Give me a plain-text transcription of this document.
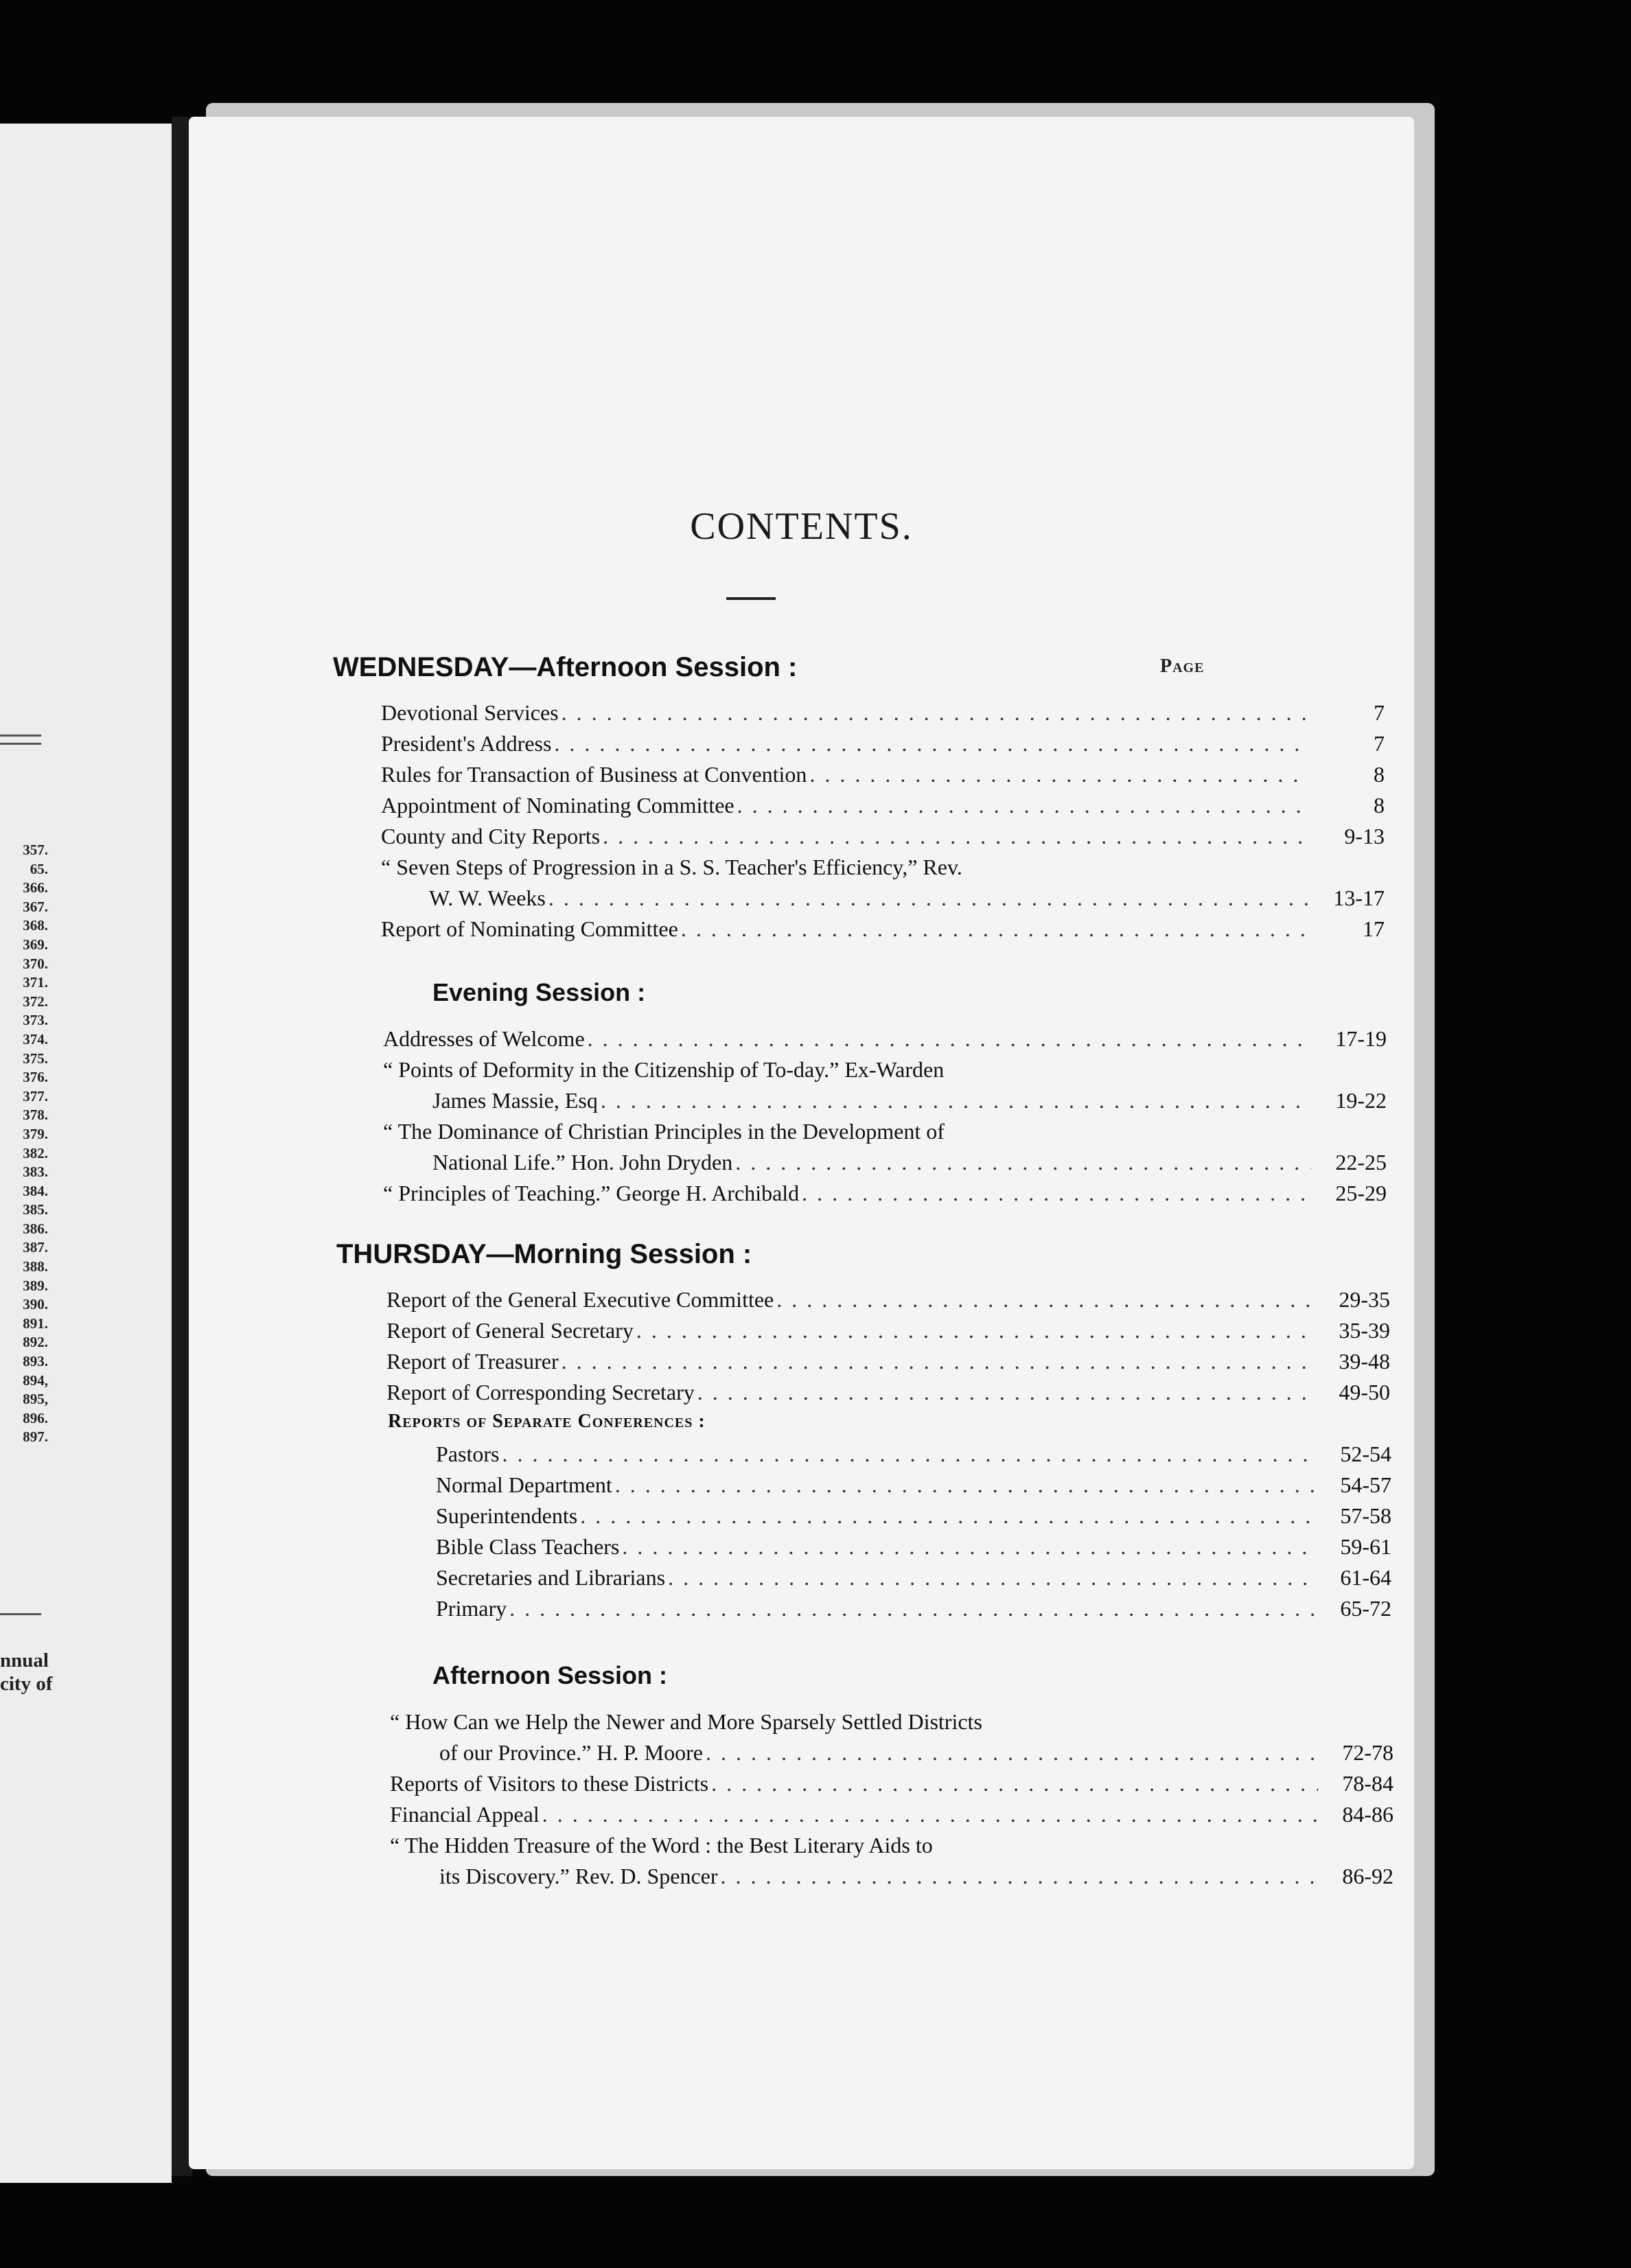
357.
65.
366.
367.
368.
369.
370.
371.
372.
373.
374.
375.
376.
377.
378.
379.
382.
383.
384.
385.
386.
387.
388.
389.
390.
891.
892.
893.
894,
895,
896.
897.
nnual
city of
CONTENTS.
Page
WEDNESDAY—Afternoon Session :
Devotional Services . . .	7
President's Address . . .	7
Rules for Transaction of Business at Convention . . .	8
Appointment of Nominating Committee . . .	8
County and City Reports . . .	9-13
“ Seven Steps of Progression in a S. S. Teacher's Efficiency,” Rev.
W. W. Weeks . . .	13-17
Report of Nominating Committee . . .	17
Evening Session :
Addresses of Welcome . . .	17-19
“ Points of Deformity in the Citizenship of To-day.” Ex-Warden
James Massie, Esq . . .	19-22
“ The Dominance of Christian Principles in the Development of
National Life.” Hon. John Dryden . . .	22-25
“ Principles of Teaching.” George H. Archibald . . .	25-29
THURSDAY—Morning Session :
Report of the General Executive Committee . . .	29-35
Report of General Secretary . . .	35-39
Report of Treasurer . . .	39-48
Report of Corresponding Secretary . . .	49-50
Reports of Separate Conferences :
Pastors . . .	52-54
Normal Department . . .	54-57
Superintendents . . .	57-58
Bible Class Teachers . . .	59-61
Secretaries and Librarians . . .	61-64
Primary . . .	65-72
Afternoon Session :
“ How Can we Help the Newer and More Sparsely Settled Districts
of our Province.” H. P. Moore . . .	72-78
Reports of Visitors to these Districts . . .	78-84
Financial Appeal . . .	84-86
“ The Hidden Treasure of the Word : the Best Literary Aids to
its Discovery.” Rev. D. Spencer . . .	86-92
